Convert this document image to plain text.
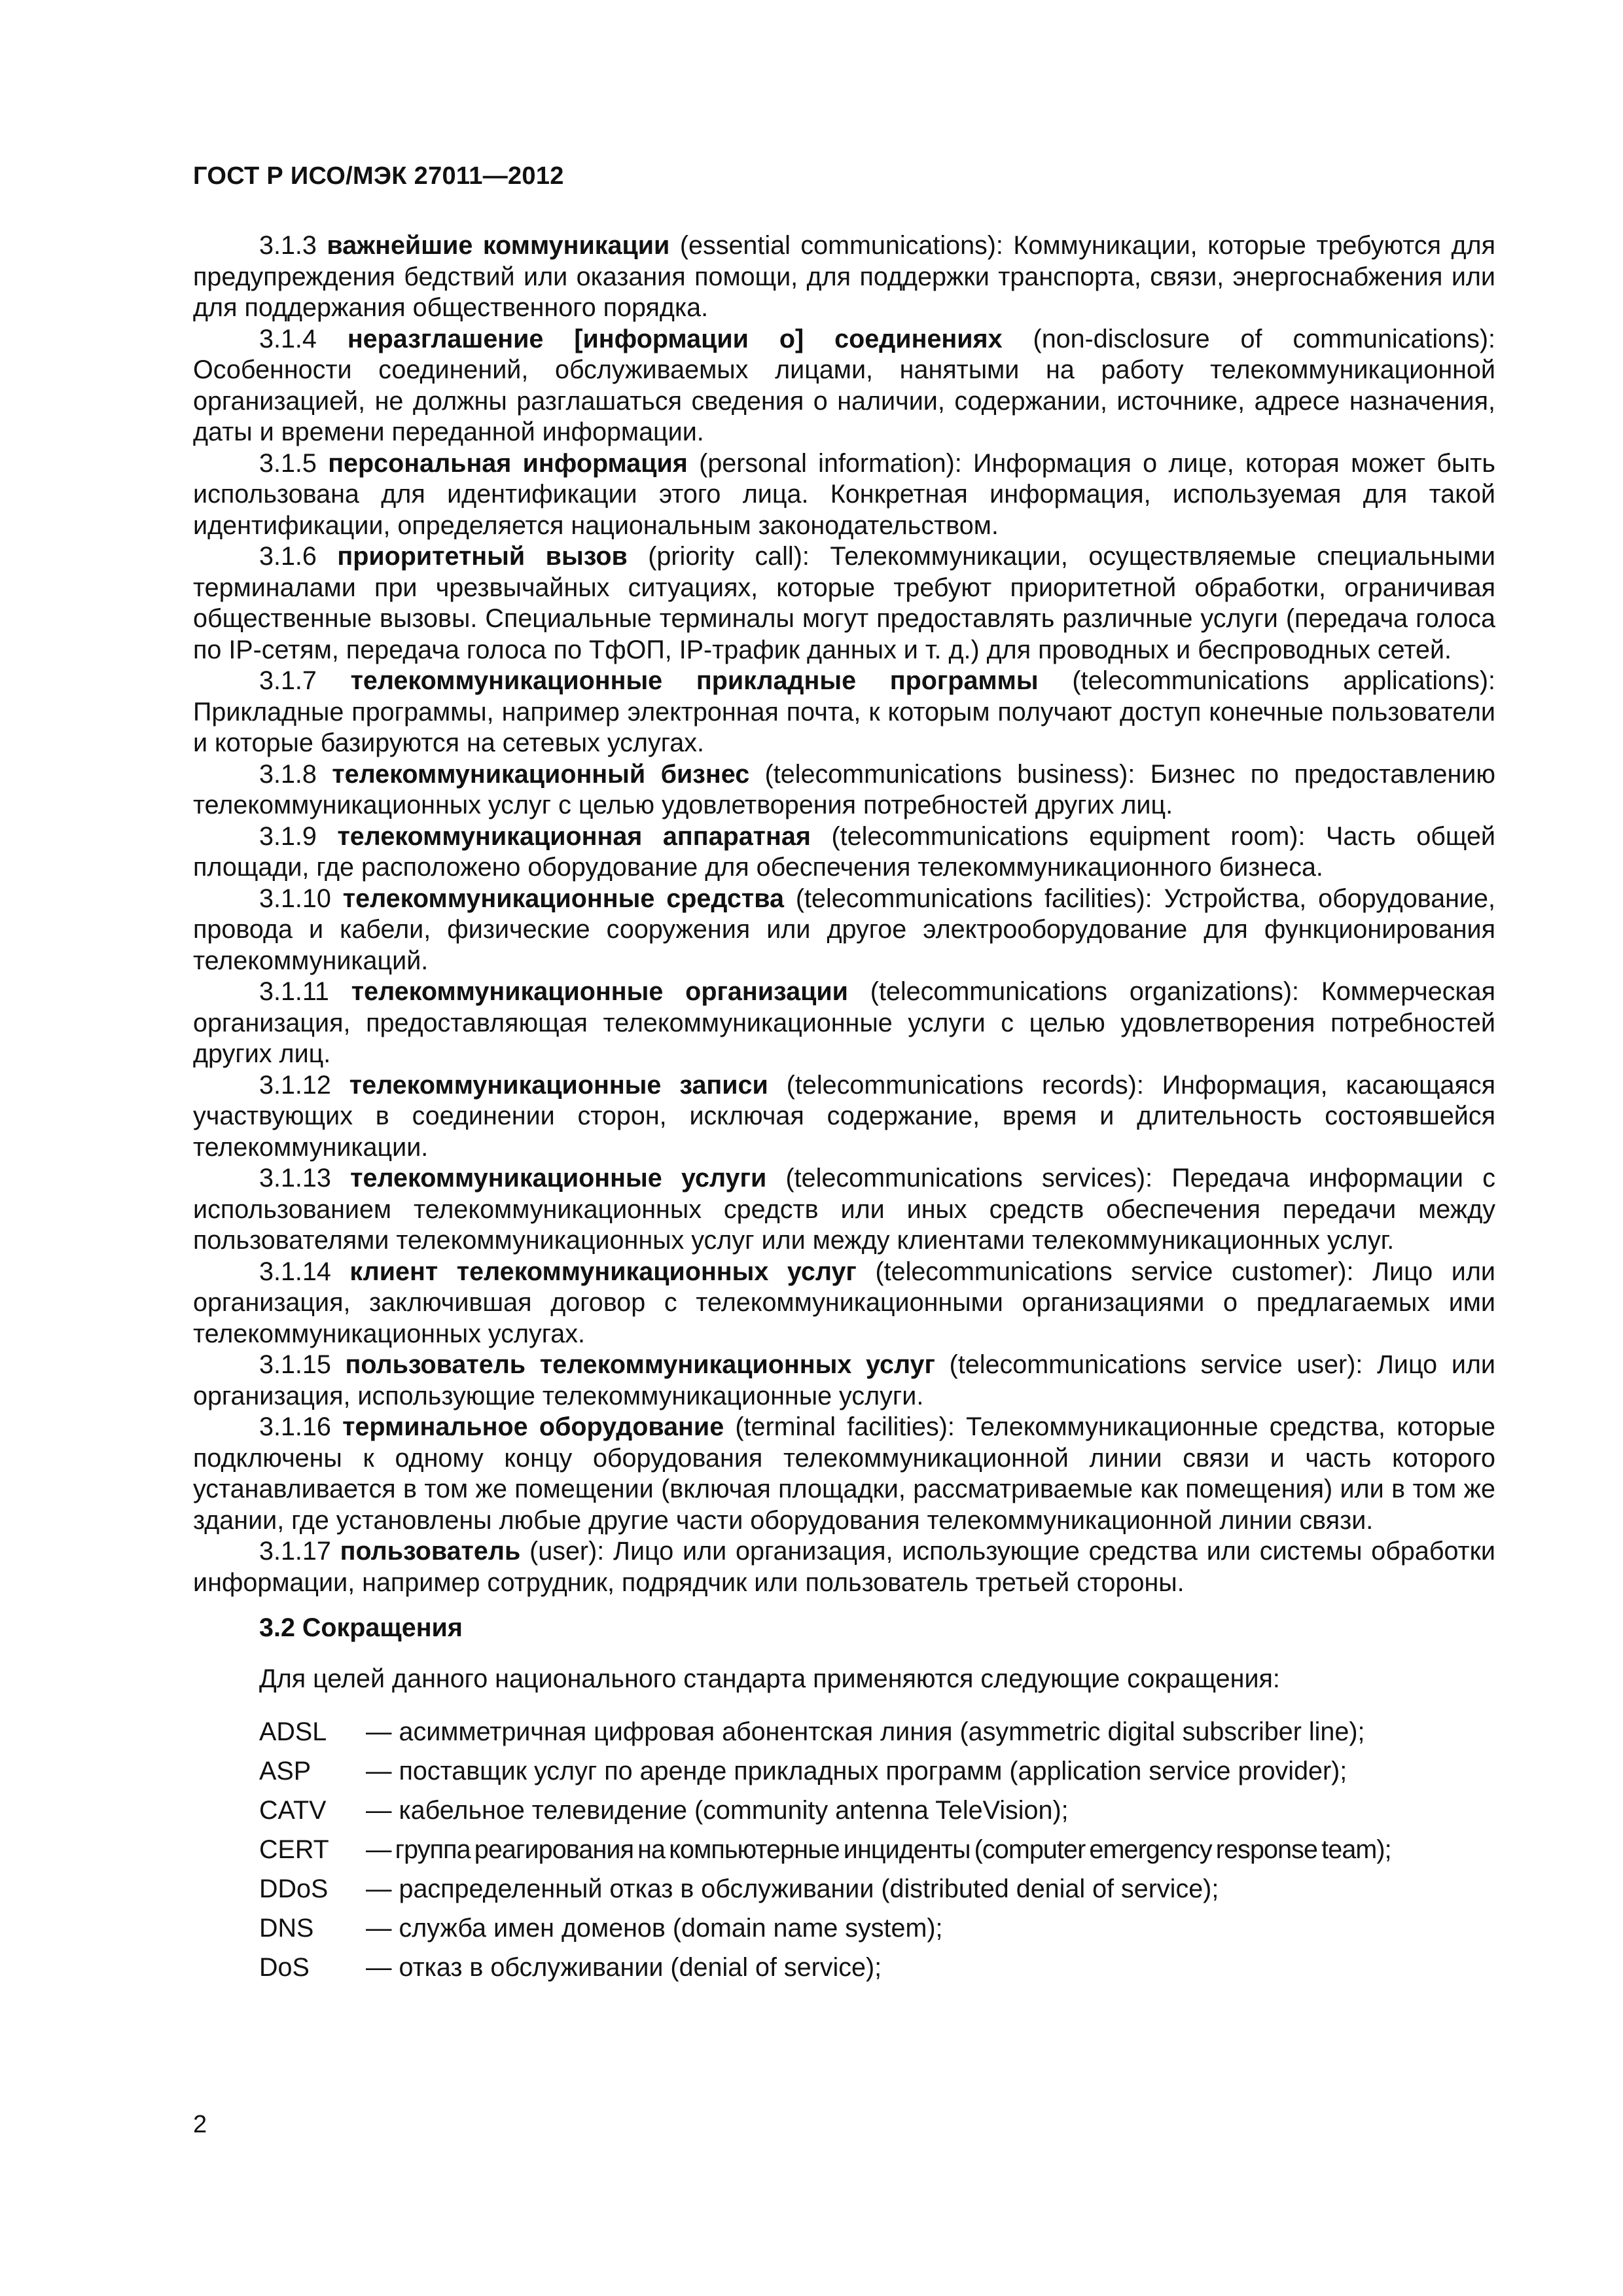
ГОСТ Р ИСО/МЭК 27011—2012

3.1.3 важнейшие коммуникации (essential communications): Коммуникации, которые требуются для предупреждения бедствий или оказания помощи, для поддержки транспорта, связи, энергоснабжения или для поддержания общественного порядка.

3.1.4 неразглашение [информации о] соединениях (non-disclosure of communications): Особенности соединений, обслуживаемых лицами, нанятыми на работу телекоммуникационной организацией, не должны разглашаться сведения о наличии, содержании, источнике, адресе назначения, даты и времени переданной информации.

3.1.5 персональная информация (personal information): Информация о лице, которая может быть использована для идентификации этого лица. Конкретная информация, используемая для такой идентификации, определяется национальным законодательством.

3.1.6 приоритетный вызов (priority call): Телекоммуникации, осуществляемые специальными терминалами при чрезвычайных ситуациях, которые требуют приоритетной обработки, ограничивая общественные вызовы. Специальные терминалы могут предоставлять различные услуги (передача голоса по IP-сетям, передача голоса по ТфОП, IP-трафик данных и т. д.) для проводных и беспроводных сетей.

3.1.7 телекоммуникационные прикладные программы (telecommunications applications): Прикладные программы, например электронная почта, к которым получают доступ конечные пользователи и которые базируются на сетевых услугах.

3.1.8 телекоммуникационный бизнес (telecommunications business): Бизнес по предоставлению телекоммуникационных услуг с целью удовлетворения потребностей других лиц.

3.1.9 телекоммуникационная аппаратная (telecommunications equipment room): Часть общей площади, где расположено оборудование для обеспечения телекоммуникационного бизнеса.

3.1.10 телекоммуникационные средства (telecommunications facilities): Устройства, оборудование, провода и кабели, физические сооружения или другое электрооборудование для функционирования телекоммуникаций.

3.1.11 телекоммуникационные организации (telecommunications organizations): Коммерческая организация, предоставляющая телекоммуникационные услуги с целью удовлетворения потребностей других лиц.

3.1.12 телекоммуникационные записи (telecommunications records): Информация, касающаяся участвующих в соединении сторон, исключая содержание, время и длительность состоявшейся телекоммуникации.

3.1.13 телекоммуникационные услуги (telecommunications services): Передача информации с использованием телекоммуникационных средств или иных средств обеспечения передачи между пользователями телекоммуникационных услуг или между клиентами телекоммуникационных услуг.

3.1.14 клиент телекоммуникационных услуг (telecommunications service customer): Лицо или организация, заключившая договор с телекоммуникационными организациями о предлагаемых ими телекоммуникационных услугах.

3.1.15 пользователь телекоммуникационных услуг (telecommunications service user): Лицо или организация, использующие телекоммуникационные услуги.

3.1.16 терминальное оборудование (terminal facilities): Телекоммуникационные средства, которые подключены к одному концу оборудования телекоммуникационной линии связи и часть которого устанавливается в том же помещении (включая площадки, рассматриваемые как помещения) или в том же здании, где установлены любые другие части оборудования телекоммуникационной линии связи.

3.1.17 пользователь (user): Лицо или организация, использующие средства или системы обработки информации, например сотрудник, подрядчик или пользователь третьей стороны.

3.2 Сокращения
Для целей данного национального стандарта применяются следующие сокращения:
ADSL	— асимметричная цифровая абонентская линия (asymmetric digital subscriber line);
ASP	— поставщик услуг по аренде прикладных программ (application service provider);
CATV	— кабельное телевидение (community antenna TeleVision);
CERT	— группа реагирования на компьютерные инциденты (computer emergency response team);
DDoS	— распределенный отказ в обслуживании (distributed denial of service);
DNS	— служба имен доменов (domain name system);
DoS	— отказ в обслуживании (denial of service);
2
